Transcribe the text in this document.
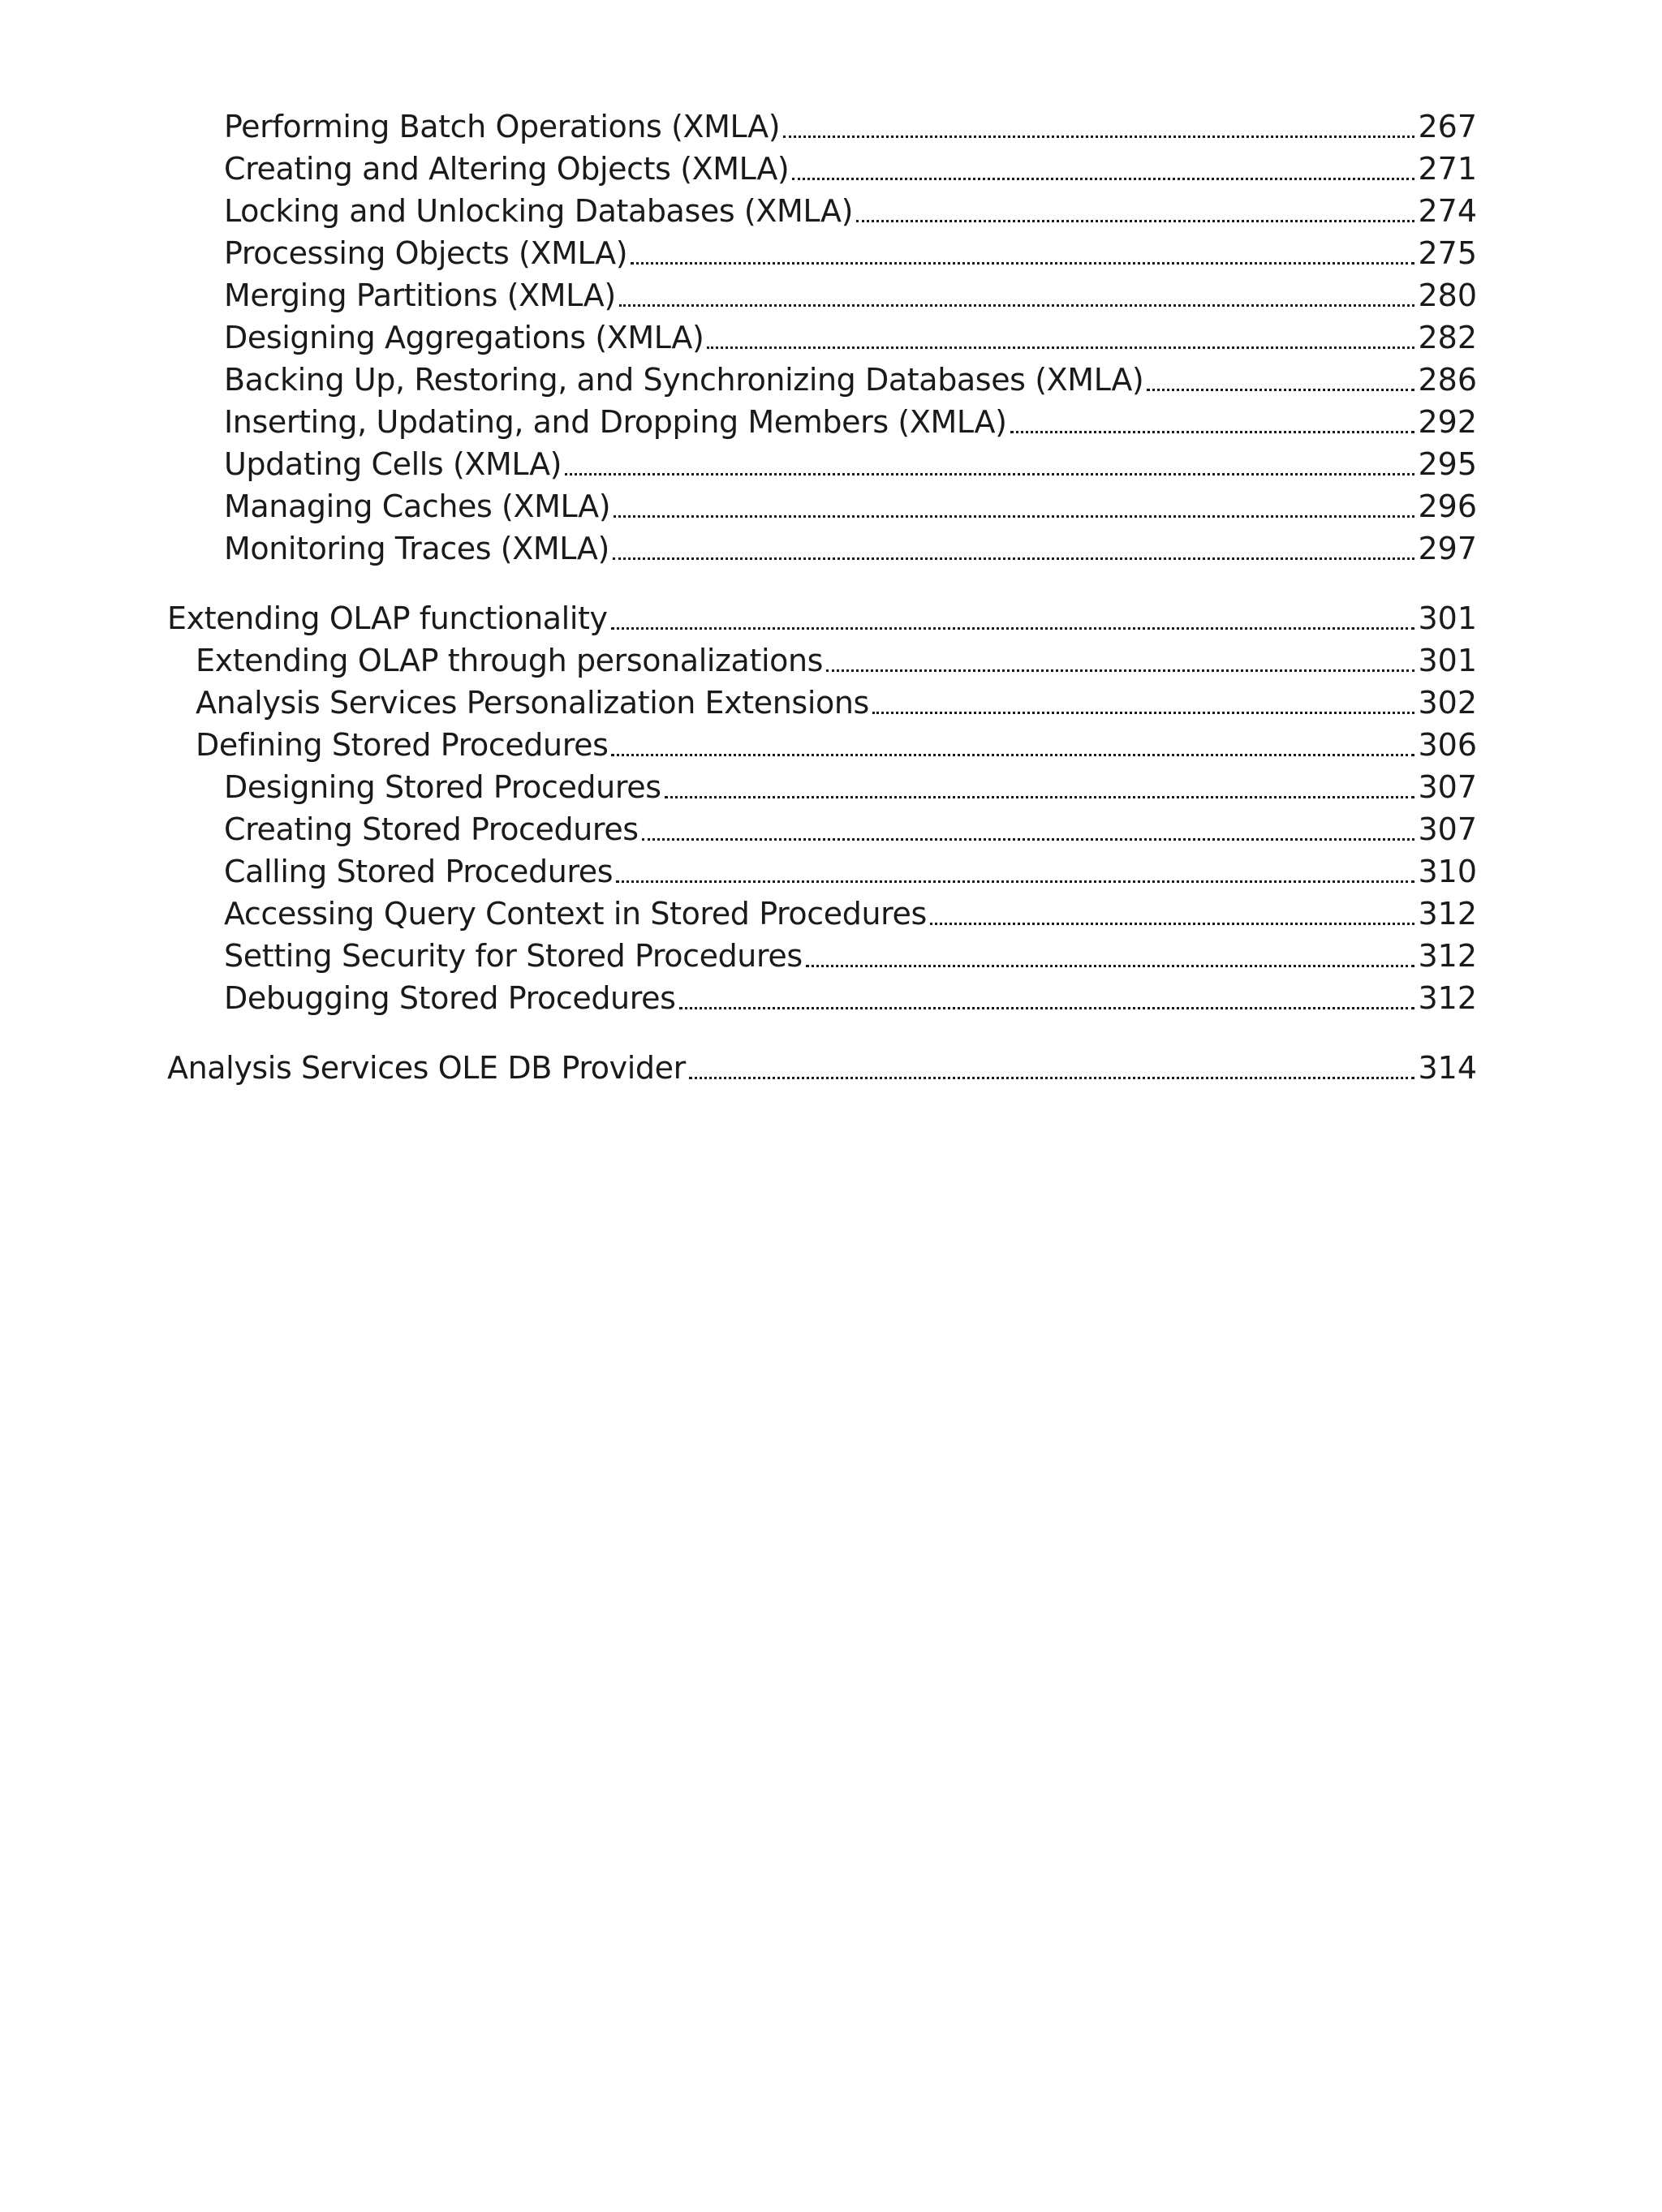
Performing Batch Operations (XMLA)	267
Creating and Altering Objects (XMLA)	271
Locking and Unlocking Databases (XMLA)	274
Processing Objects (XMLA)	275
Merging Partitions (XMLA)	280
Designing Aggregations (XMLA)	282
Backing Up, Restoring, and Synchronizing Databases (XMLA)	286
Inserting, Updating, and Dropping Members (XMLA)	292
Updating Cells (XMLA)	295
Managing Caches (XMLA)	296
Monitoring Traces (XMLA)	297
Extending OLAP functionality	301
Extending OLAP through personalizations	301
Analysis Services Personalization Extensions	302
Defining Stored Procedures	306
Designing Stored Procedures	307
Creating Stored Procedures	307
Calling Stored Procedures	310
Accessing Query Context in Stored Procedures	312
Setting Security for Stored Procedures	312
Debugging Stored Procedures	312
Analysis Services OLE DB Provider	314
